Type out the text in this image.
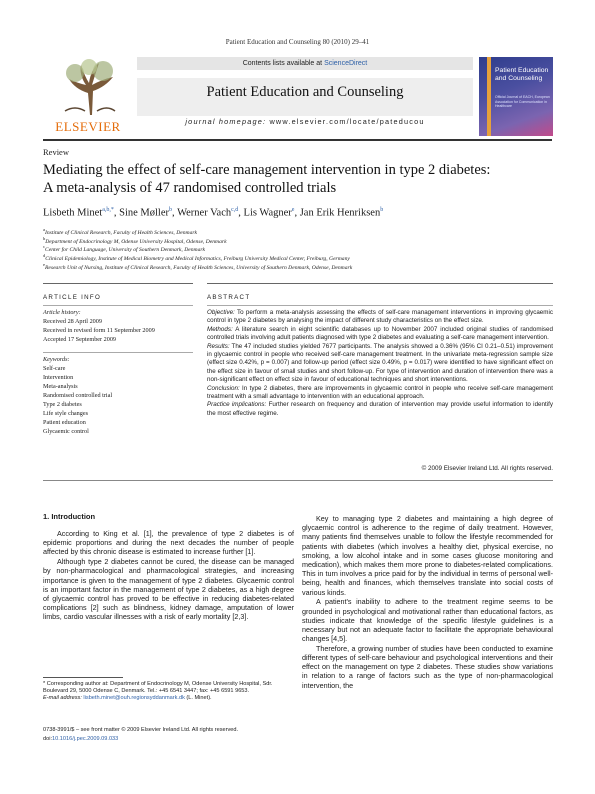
Patient Education and Counseling 80 (2010) 29–41
ELSEVIER
Contents lists available at ScienceDirect
Patient Education and Counseling
journal homepage: www.elsevier.com/locate/pateducou
Patient Education and Counseling
Official Journal of EACH, European Association for Communication in Healthcare
Review
Mediating the effect of self-care management intervention in type 2 diabetes:
A meta-analysis of 47 randomised controlled trials
Lisbeth Minet$^{a,b,*}$, Sine Møller$^b$, Werner Vach$^{c,d}$, Lis Wagner$^e$, Jan Erik Henriksen$^b$
$^a$Institute of Clinical Research, Faculty of Health Sciences, Denmark
$^b$Department of Endocrinology M, Odense University Hospital, Odense, Denmark
$^c$Center for Child Language, University of Southern Denmark, Denmark
$^d$Clinical Epidemiology, Institute of Medical Biometry and Medical Informatics, Freiburg University Medical Center, Freiburg, Germany
$^e$Research Unit of Nursing, Institute of Clinical Research, Faculty of Health Sciences, University of Southern Denmark, Odense, Denmark
ARTICLE INFO
Article history:
Received 28 April 2009
Received in revised form 11 September 2009
Accepted 17 September 2009
Keywords:
Self-care
Intervention
Meta-analysis
Randomised controlled trial
Type 2 diabetes
Life style changes
Patient education
Glycaemic control
ABSTRACT
Objective: To perform a meta-analysis assessing the effects of self-care management interventions in improving glycaemic control in type 2 diabetes by analysing the impact of different study characteristics on the effect size.
Methods: A literature search in eight scientific databases up to November 2007 included original studies of randomised controlled trials involving adult patients diagnosed with type 2 diabetes and evaluating a self-care management intervention.
Results: The 47 included studies yielded 7677 participants. The analysis showed a 0.36% (95% CI 0.21–0.51) improvement in glycaemic control in people who received self-care management treatment. In the univariate meta-regression sample size (effect size 0.42%, p = 0.007) and follow-up period (effect size 0.49%, p = 0.017) were identified to have significant effect on the effect size in favour of small studies and short follow-up. For type of intervention and duration of intervention there was a non-significant effect on effect size in favour of educational techniques and short interventions.
Conclusion: In type 2 diabetes, there are improvements in glycaemic control in people who receive self-care management treatment with a small advantage to intervention with an educational approach.
Practice implications: Further research on frequency and duration of intervention may provide useful information to identify the most effective regime.
© 2009 Elsevier Ireland Ltd. All rights reserved.
1. Introduction

According to King et al. [1], the prevalence of type 2 diabetes is of epidemic proportions and during the next decades the number of people affected by this chronic disease is estimated to increase further [1].

Although type 2 diabetes cannot be cured, the disease can be managed by non-pharmacological and pharmacological strategies, and increasing importance is given to the management of type 2 diabetes. Glycaemic control is an important factor in the management of type 2 diabetes, as a high degree of glycaemic control has proved to be effective in reducing diabetes-related complications [2] such as blindness, kidney damage, amputation of lower limbs, cardio vascular illnesses with a risk of early mortality [2,3].

Key to managing type 2 diabetes and maintaining a high degree of glycaemic control is adherence to the regime of daily treatment. However, many patients find themselves unable to follow the lifestyle recommended for patients with diabetes (which involves a healthy diet, physical exercise, no smoking, a low alcohol intake and in some cases glucose monitoring and medication), which makes them more prone to diabetes-related complications. This in turn involves a price paid for by the individual in terms of personal well-being, health and finances, which themselves translate into social costs of various kinds.

A patient's inability to adhere to the treatment regime seems to be grounded in psychological and motivational rather than educational factors, as studies indicate that knowledge of the specific lifestyle guidelines is a necessary but not an adequate factor to facilitate the appropriate behavioural changes [4,5].

Therefore, a growing number of studies have been conducted to examine different types of self-care behaviour and psychological interventions and their effect on the management on type 2 diabetes. These studies show variations in relation to a range of factors such as the type of non-pharmacological intervention, the

* Corresponding author at: Department of Endocrinology M, Odense University Hospital, Sdr. Boulevard 29, 5000 Odense C, Denmark. Tel.: +45 6541 3447; fax: +45 6591 9653.
E-mail address: lisbeth.minet@ouh.regionsyddanmark.dk (L. Minet).
0738-3991/$ – see front matter © 2009 Elsevier Ireland Ltd. All rights reserved.
doi:10.1016/j.pec.2009.09.033
